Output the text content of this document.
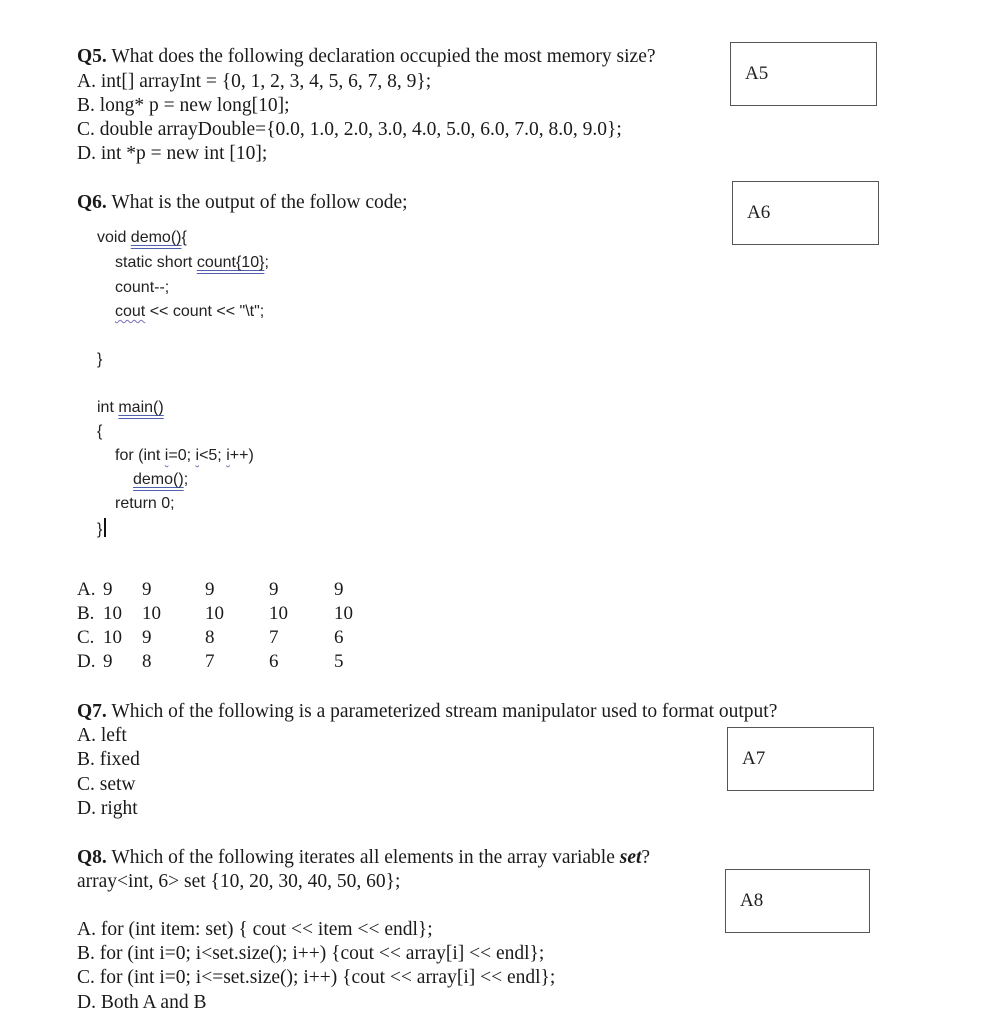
Q5. What does the following declaration occupied the most memory size?
A. int[] arrayInt = {0, 1, 2, 3, 4, 5, 6, 7, 8, 9};
B. long* p = new long[10];
C. double arrayDouble={0.0, 1.0, 2.0, 3.0, 4.0, 5.0, 6.0, 7.0, 8.0, 9.0};
D. int *p = new int [10];
A5
Q6. What is the output of the follow code;	A6
void demo(){
static short count{10};
count--;
cout << count << "\t";
}
int main()
{
for (int i=0; i<5; i++)
demo();
return 0;
}
A. 9 9	9	9	9
B. 10 10 10 10 10
C. 10 9	8	7	6
D. 9 8	7	6	5
Q7. Which of the following is a parameterized stream manipulator used to format output?
A. left
B. fixed
C. setw
D. right
A7
Q8. Which of the following iterates all elements in the array variable set?
array<int, 6> set {10, 20, 30, 40, 50, 60};
A8
A. for (int item: set) { cout << item << endl};
B. for (int i=0; i<set.size(); i++) {cout << array[i] << endl};
C. for (int i=0; i<=set.size(); i++) {cout << array[i] << endl};
D. Both A and B
